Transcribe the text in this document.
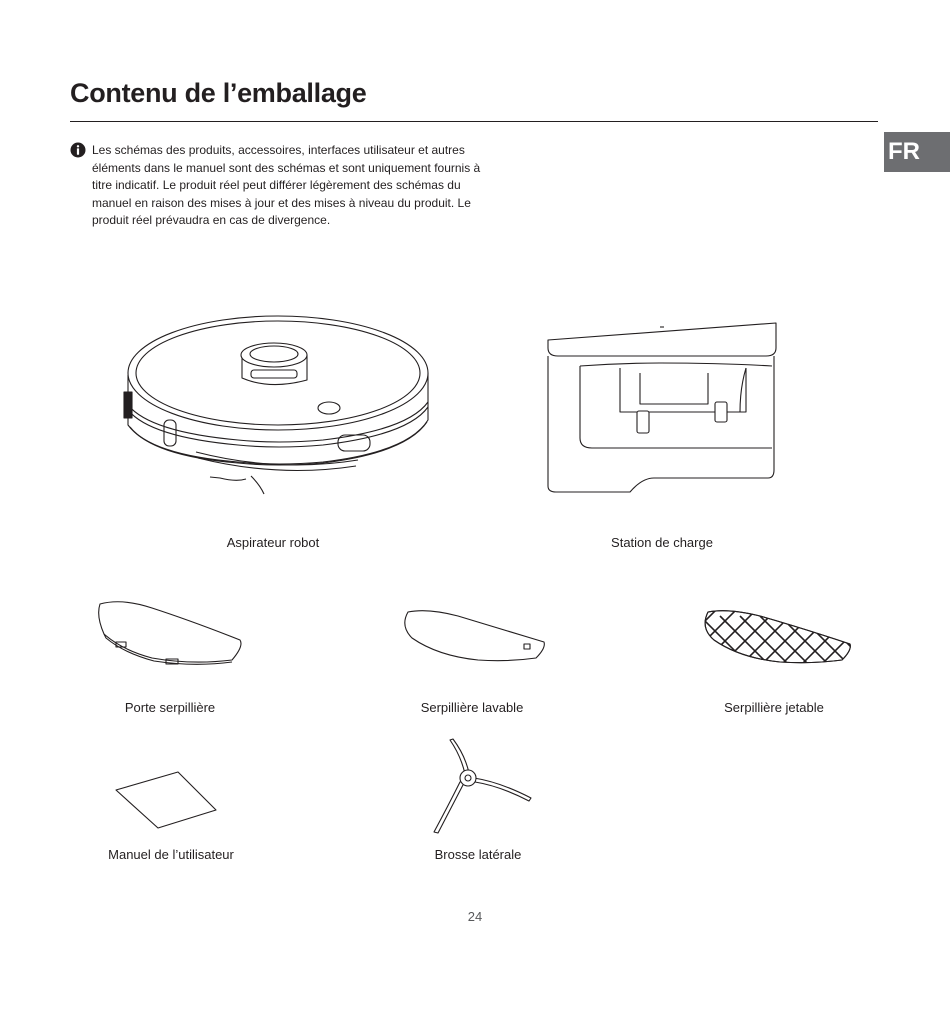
Contenu de l’emballage
FR

Les schémas des produits, accessoires, interfaces utilisateur et autres éléments dans le manuel sont des schémas et sont uniquement fournis à titre indicatif. Le produit réel peut différer légèrement des schémas du manuel en raison des mises à jour et des mises à niveau du produit. Le produit réel prévaudra en cas de divergence.

Aspirateur robot	Station de charge
Porte serpillière	Serpillière lavable	Serpillière jetable
Manuel de l’utilisateur	Brosse latérale
24
